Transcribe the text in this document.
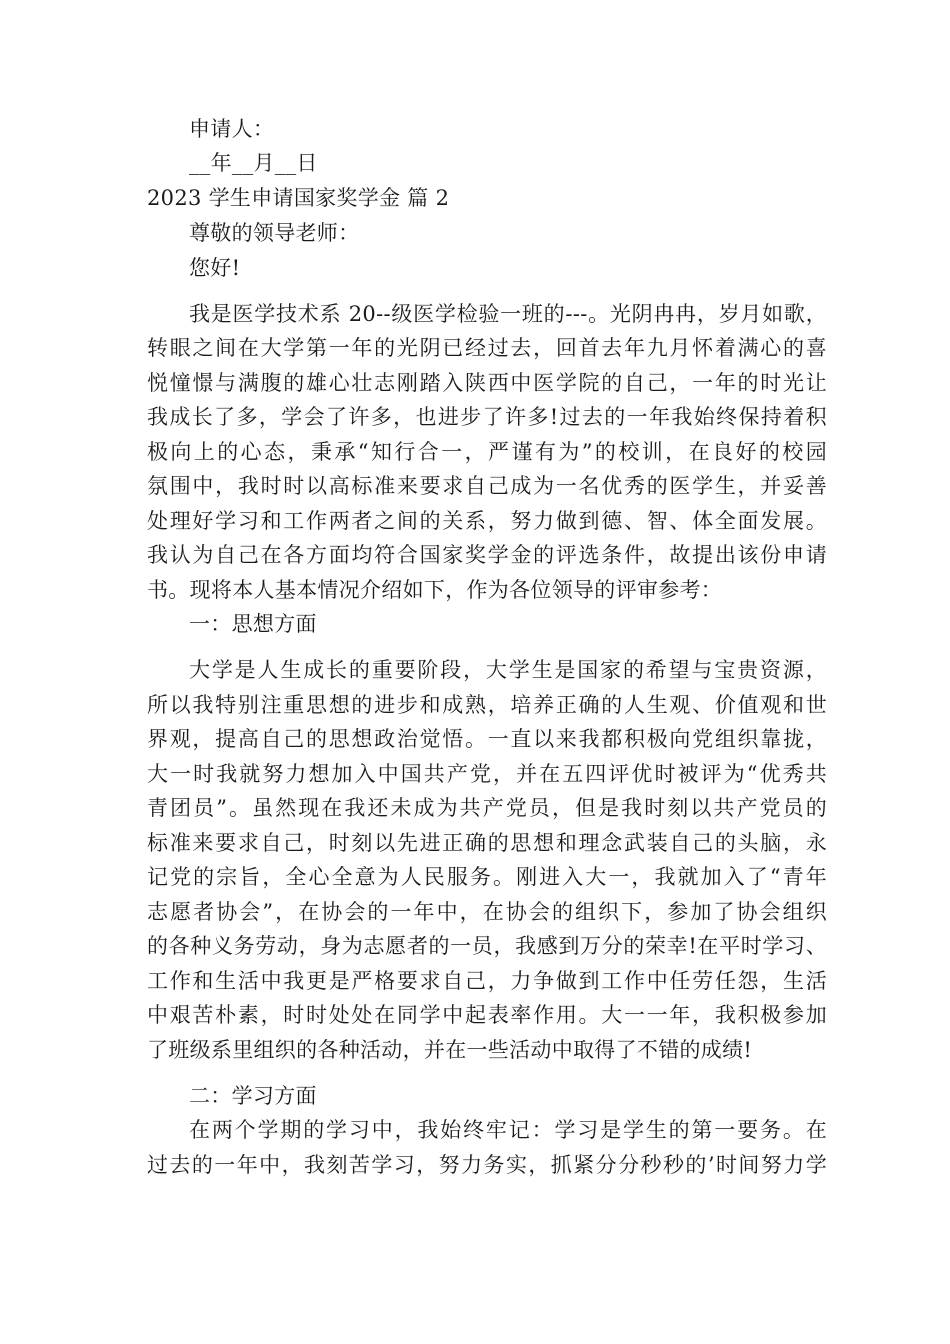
申请人：
__年__月__日
2023 学生申请国家奖学金 篇 2
尊敬的领导老师：
您好!
我是医学技术系 20--级医学检验一班的---。光阴冉冉，岁月如歌，
转眼之间在大学第一年的光阴已经过去，回首去年九月怀着满心的喜
悦憧憬与满腹的雄心壮志刚踏入陕西中医学院的自己，一年的时光让
我成长了多，学会了许多，也进步了许多!过去的一年我始终保持着积
极向上的心态，秉承“知行合一，严谨有为”的校训，在良好的校园
氛围中，我时时以高标准来要求自己成为一名优秀的医学生，并妥善
处理好学习和工作两者之间的关系，努力做到德、智、体全面发展。
我认为自己在各方面均符合国家奖学金的评选条件，故提出该份申请
书。现将本人基本情况介绍如下，作为各位领导的评审参考：
一：思想方面
大学是人生成长的重要阶段，大学生是国家的希望与宝贵资源，
所以我特别注重思想的进步和成熟，培养正确的人生观、价值观和世
界观，提高自己的思想政治觉悟。一直以来我都积极向党组织靠拢，
大一时我就努力想加入中国共产党，并在五四评优时被评为“优秀共
青团员”。虽然现在我还未成为共产党员，但是我时刻以共产党员的
标准来要求自己，时刻以先进正确的思想和理念武装自己的头脑，永
记党的宗旨，全心全意为人民服务。刚进入大一，我就加入了“青年
志愿者协会”，在协会的一年中，在协会的组织下，参加了协会组织
的各种义务劳动，身为志愿者的一员，我感到万分的荣幸!在平时学习、
工作和生活中我更是严格要求自己，力争做到工作中任劳任怨，生活
中艰苦朴素，时时处处在同学中起表率作用。大一一年，我积极参加
了班级系里组织的各种活动，并在一些活动中取得了不错的成绩!
二：学习方面
在两个学期的学习中，我始终牢记：学习是学生的第一要务。在
过去的一年中，我刻苦学习，努力务实，抓紧分分秒秒的’时间努力学
